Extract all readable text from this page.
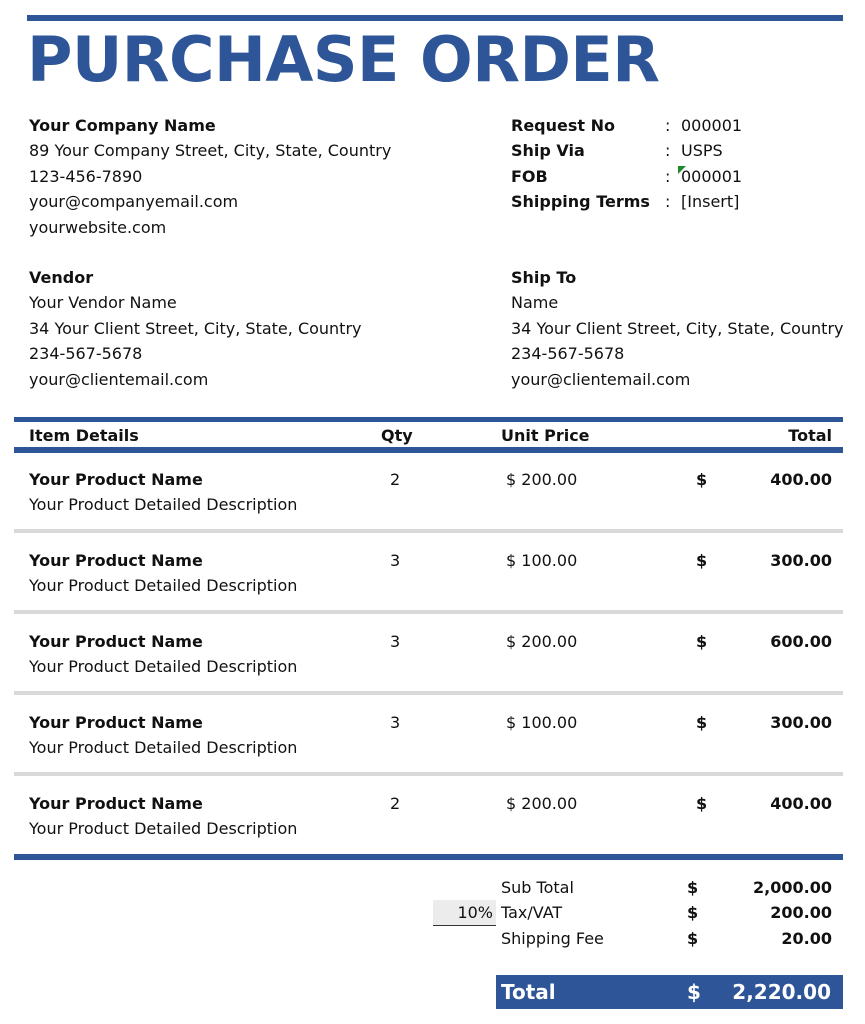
PURCHASE ORDER
Your Company Name
89 Your Company Street, City, State, Country
123-456-7890
your@companyemail.com
yourwebsite.com
Request No	: 000001
Ship Via	: USPS
FOB	: 000001
Shipping Terms : [Insert]
Vendor
Your Vendor Name
34 Your Client Street, City, State, Country
234-567-5678
your@clientemail.com
Ship To
Name
34 Your Client Street, City, State, Country
234-567-5678
your@clientemail.com
Item Details	Qty	Unit Price	Total
Your Product Name
Your Product Detailed Description
2	$ 200.00	$	400.00
Your Product Name
Your Product Detailed Description
3	$ 100.00	$	300.00
Your Product Name
Your Product Detailed Description
3	$ 200.00	$	600.00
Your Product Name
Your Product Detailed Description
3	$ 100.00	$	300.00
Your Product Name
Your Product Detailed Description
2	$ 200.00	$	400.00
Sub Total	$	2,000.00
10% Tax/VAT	$	200.00
Shipping Fee	$	20.00
Total	$ 2,220.00
